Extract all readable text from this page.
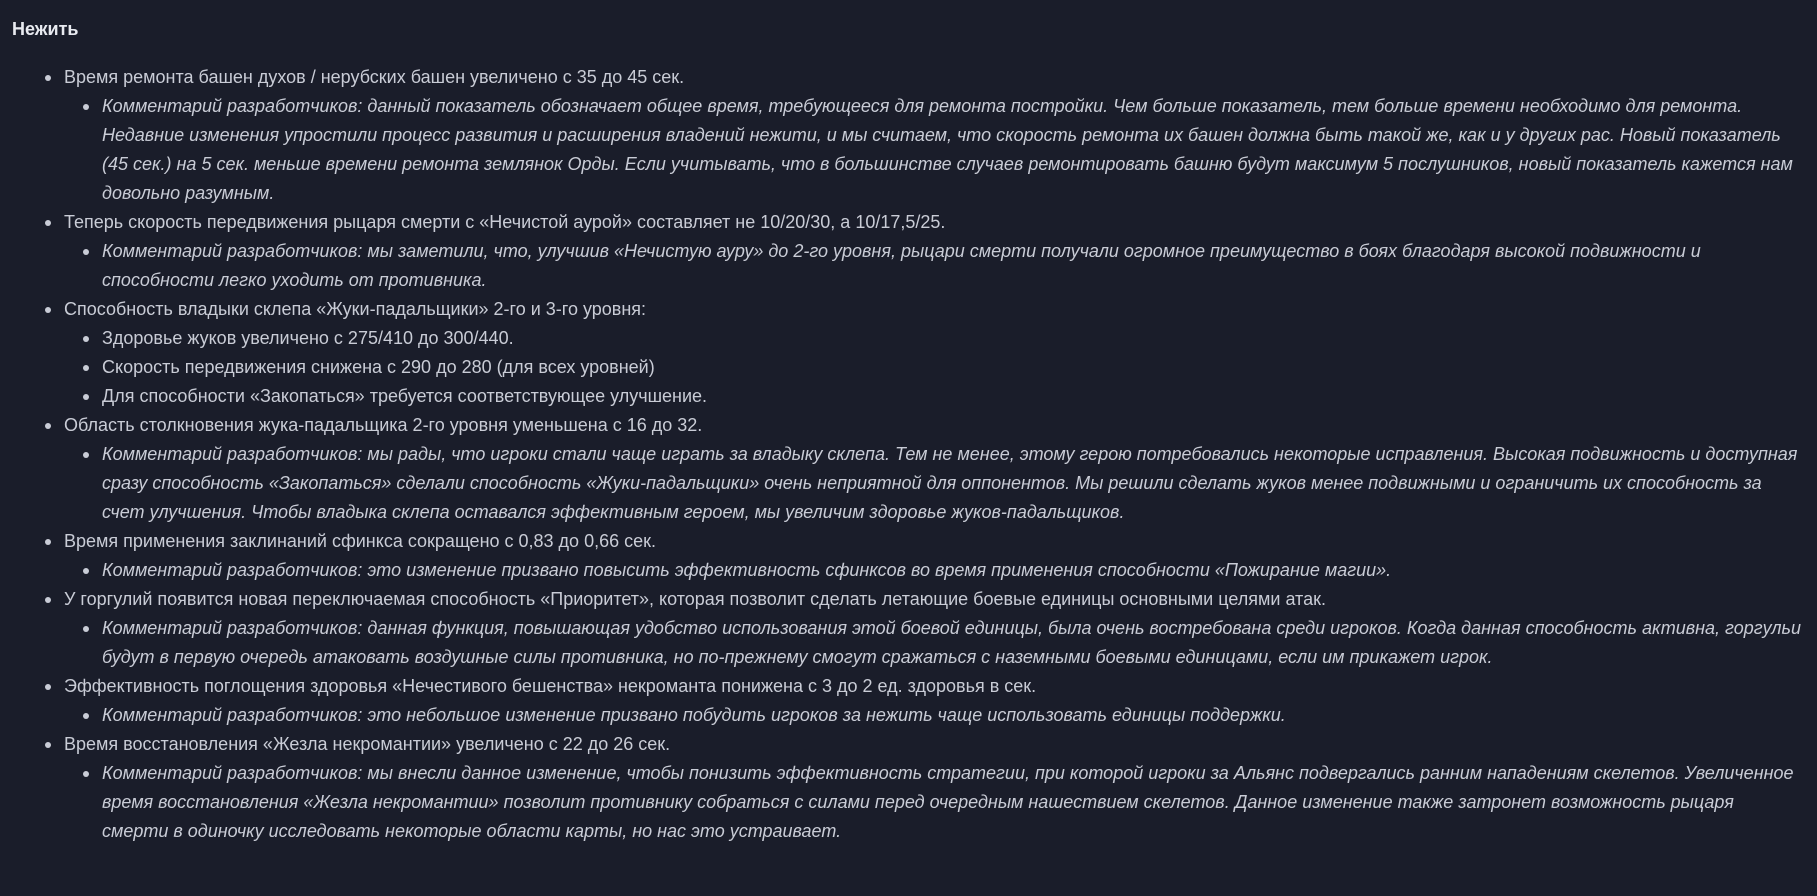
Нежить
Время ремонта башен духов / нерубских башен увеличено с 35 до 45 сек.
Комментарий разработчиков: данный показатель обозначает общее время, требующееся для ремонта постройки. Чем больше показатель, тем больше времени необходимо для ремонта. Недавние изменения упростили процесс развития и расширения владений нежити, и мы считаем, что скорость ремонта их башен должна быть такой же, как и у других рас. Новый показатель (45 сек.) на 5 сек. меньше времени ремонта землянок Орды. Если учитывать, что в большинстве случаев ремонтировать башню будут максимум 5 послушников, новый показатель кажется нам довольно разумным.
Теперь скорость передвижения рыцаря смерти с «Нечистой аурой» составляет не 10/20/30, а 10/17,5/25.
Комментарий разработчиков: мы заметили, что, улучшив «Нечистую ауру» до 2-го уровня, рыцари смерти получали огромное преимущество в боях благодаря высокой подвижности и способности легко уходить от противника.
Способность владыки склепа «Жуки-падальщики» 2-го и 3-го уровня:
Здоровье жуков увеличено с 275/410 до 300/440.
Скорость передвижения снижена с 290 до 280 (для всех уровней)
Для способности «Закопаться» требуется соответствующее улучшение.
Область столкновения жука-падальщика 2-го уровня уменьшена с 16 до 32.
Комментарий разработчиков: мы рады, что игроки стали чаще играть за владыку склепа. Тем не менее, этому герою потребовались некоторые исправления. Высокая подвижность и доступная сразу способность «Закопаться» сделали способность «Жуки-падальщики» очень неприятной для оппонентов. Мы решили сделать жуков менее подвижными и ограничить их способность за счет улучшения. Чтобы владыка склепа оставался эффективным героем, мы увеличим здоровье жуков-падальщиков.
Время применения заклинаний сфинкса сокращено с 0,83 до 0,66 сек.
Комментарий разработчиков: это изменение призвано повысить эффективность сфинксов во время применения способности «Пожирание магии».
У горгулий появится новая переключаемая способность «Приоритет», которая позволит сделать летающие боевые единицы основными целями атак.
Комментарий разработчиков: данная функция, повышающая удобство использования этой боевой единицы, была очень востребована среди игроков. Когда данная способность активна, горгульи будут в первую очередь атаковать воздушные силы противника, но по-прежнему смогут сражаться с наземными боевыми единицами, если им прикажет игрок.
Эффективность поглощения здоровья «Нечестивого бешенства» некроманта понижена с 3 до 2 ед. здоровья в сек.
Комментарий разработчиков: это небольшое изменение призвано побудить игроков за нежить чаще использовать единицы поддержки.
Время восстановления «Жезла некромантии» увеличено с 22 до 26 сек.
Комментарий разработчиков: мы внесли данное изменение, чтобы понизить эффективность стратегии, при которой игроки за Альянс подвергались ранним нападениям скелетов. Увеличенное время восстановления «Жезла некромантии» позволит противнику собраться с силами перед очередным нашествием скелетов. Данное изменение также затронет возможность рыцаря смерти в одиночку исследовать некоторые области карты, но нас это устраивает.
